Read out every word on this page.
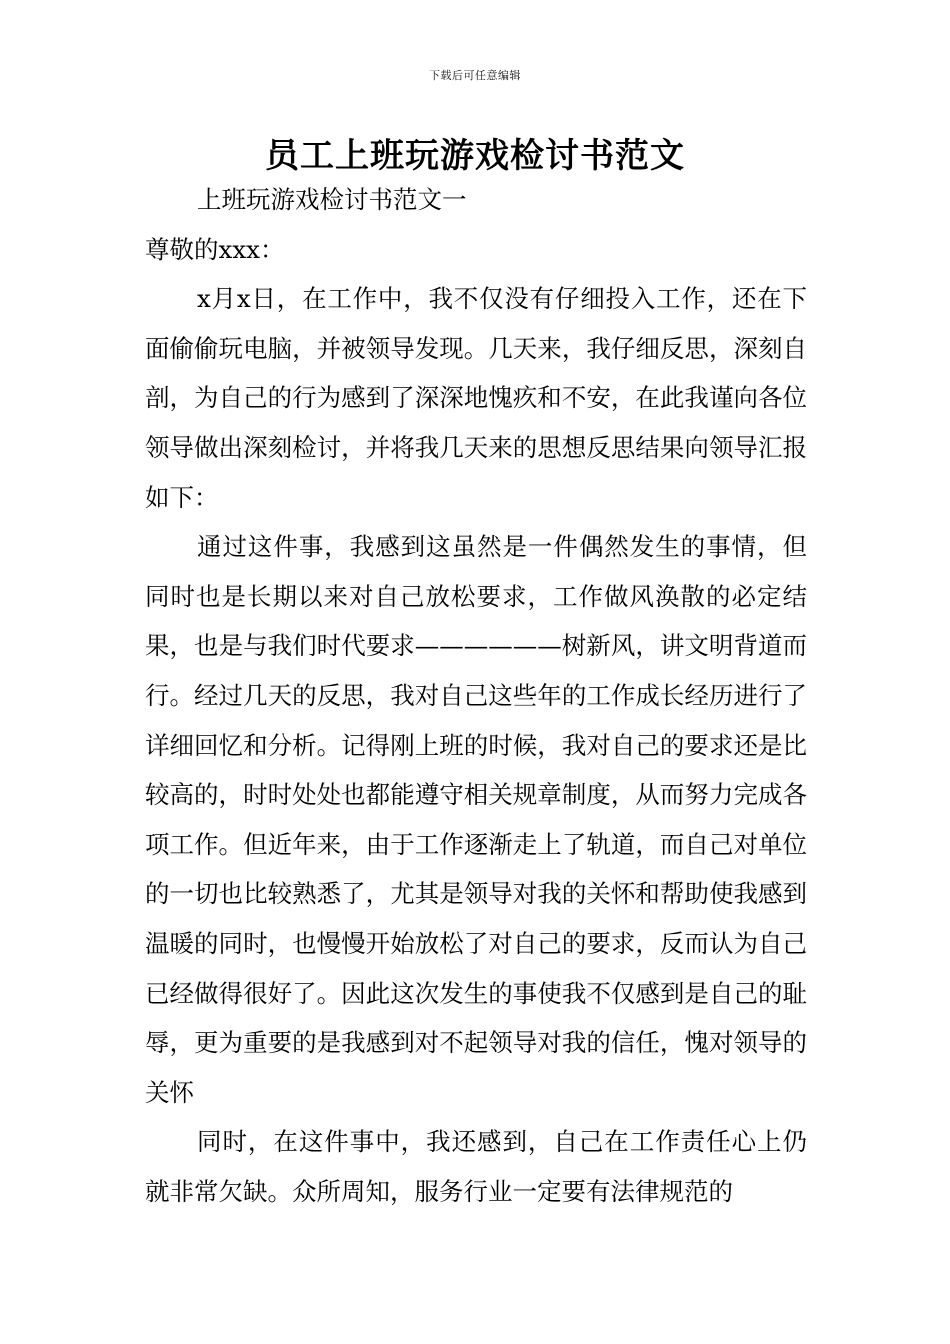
下载后可任意编辑
员工上班玩游戏检讨书范文

上班玩游戏检讨书范文一

尊敬的xxx：

x月x日，在工作中，我不仅没有仔细投入工作，还在下面偷偷玩电脑，并被领导发现。几天来，我仔细反思，深刻自剖，为自己的行为感到了深深地愧疚和不安，在此我谨向各位领导做出深刻检讨，并将我几天来的思想反思结果向领导汇报如下：

通过这件事，我感到这虽然是一件偶然发生的事情，但同时也是长期以来对自己放松要求，工作做风涣散的必定结果，也是与我们时代要求——————树新风，讲文明背道而行。经过几天的反思，我对自己这些年的工作成长经历进行了详细回忆和分析。记得刚上班的时候，我对自己的要求还是比较高的，时时处处也都能遵守相关规章制度，从而努力完成各项工作。但近年来，由于工作逐渐走上了轨道，而自己对单位的一切也比较熟悉了，尤其是领导对我的关怀和帮助使我感到温暖的同时，也慢慢开始放松了对自己的要求，反而认为自己已经做得很好了。因此这次发生的事使我不仅感到是自己的耻辱，更为重要的是我感到对不起领导对我的信任，愧对领导的关怀

同时，在这件事中，我还感到，自己在工作责任心上仍就非常欠缺。众所周知，服务行业一定要有法律规范的
